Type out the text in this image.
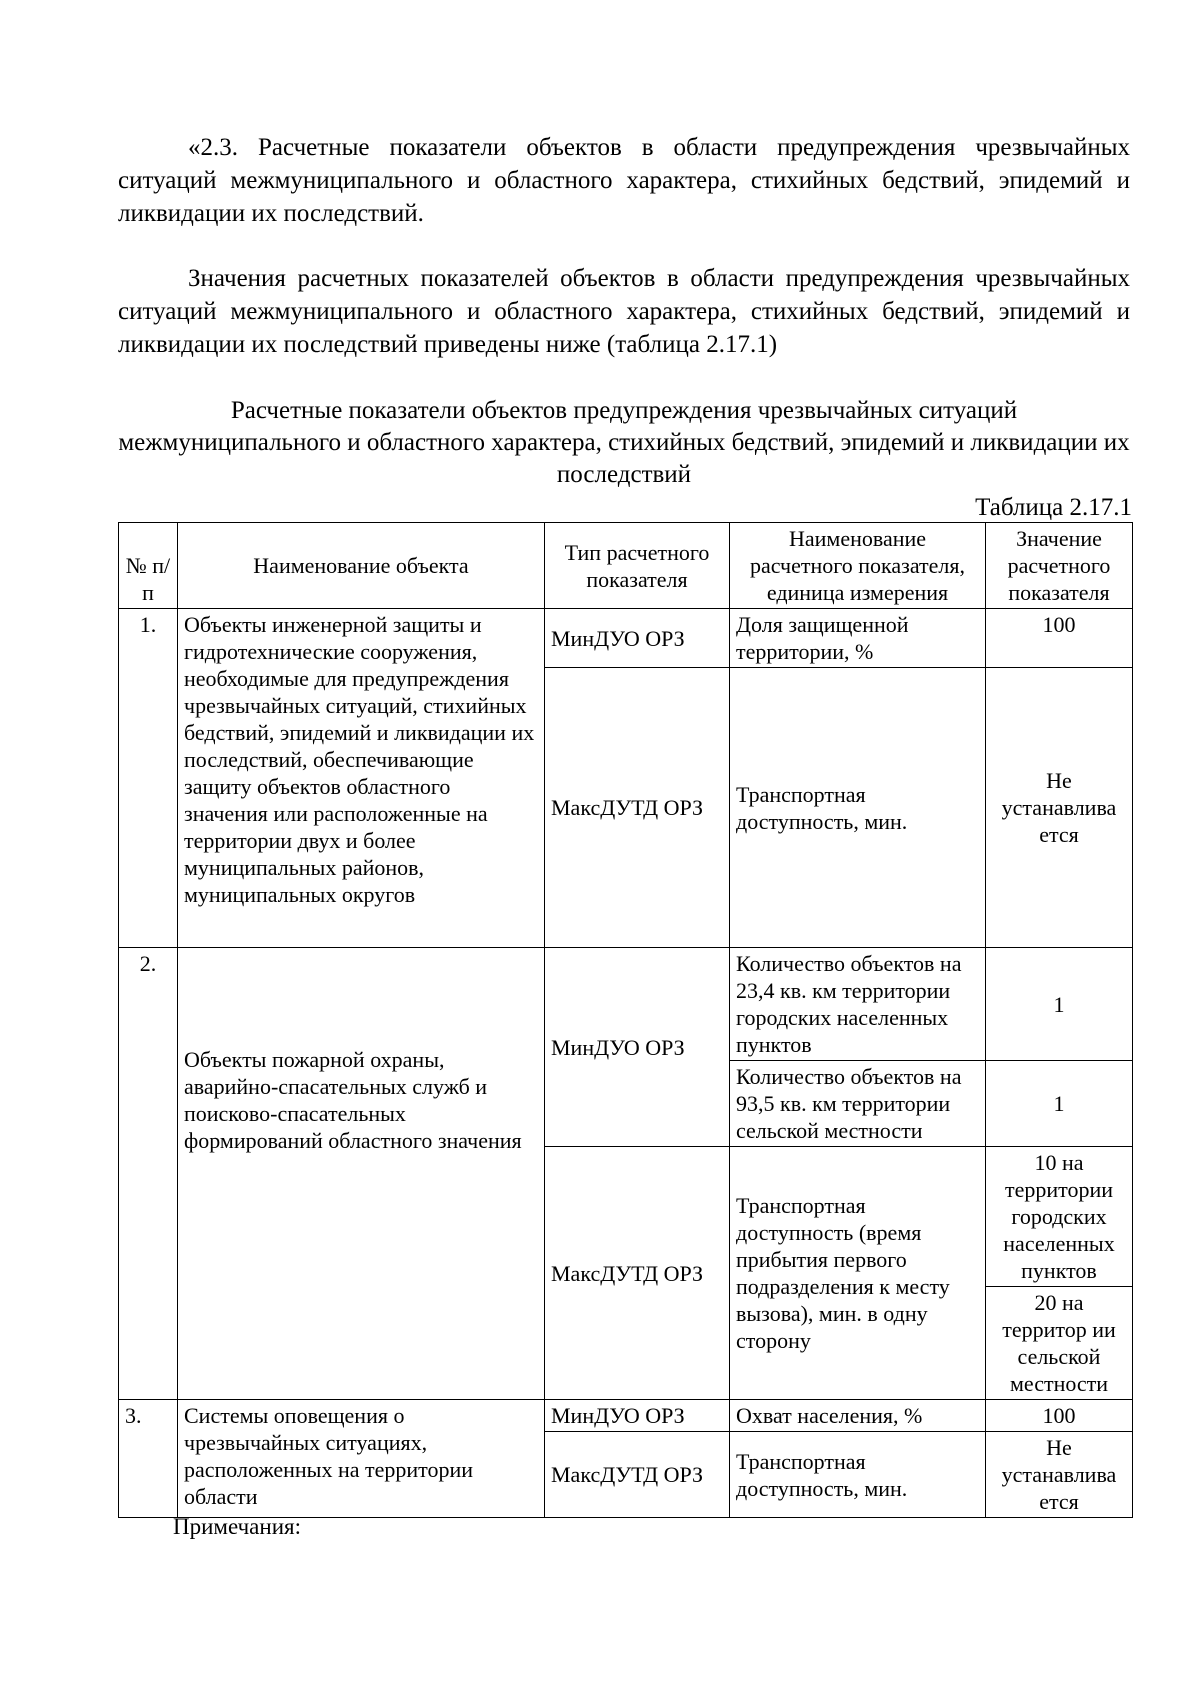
«2.3. Расчетные показатели объектов в области предупреждения чрезвычайных ситуаций межмуниципального и областного характера, стихийных бедствий, эпидемий и ликвидации их последствий.

Значения расчетных показателей объектов в области предупреждения чрезвычайных ситуаций межмуниципального и областного характера, стихийных бедствий, эпидемий и ликвидации их последствий приведены ниже (таблица 2.17.1)

Расчетные показатели объектов предупреждения чрезвычайных ситуаций межмуниципального и областного характера, стихийных бедствий, эпидемий и ликвидации их последствий
Таблица 2.17.1
№ п/п	Наименование объекта	Тип расчетного показателя	Наименование расчетного показателя, единица измерения	Значение расчетного показателя
1.	Объекты инженерной защиты и гидротехнические сооружения, необходимые для предупреждения чрезвычайных ситуаций, стихийных бедствий, эпидемий и ликвидации их последствий, обеспечивающие защиту объектов областного значения или расположенные на территории двух и более муниципальных районов, муниципальных округов	МинДУО ОРЗ	Доля защищенной территории, %	100
		МаксДУТД ОРЗ	Транспортная доступность, мин.	Не устанавлива ется
2.	Объекты пожарной охраны, аварийно-спасательных служб и поисково-спасательных формирований областного значения	МинДУО ОРЗ	Количество объектов на 23,4 кв. км территории городских населенных пунктов	1
			Количество объектов на 93,5 кв. км территории сельской местности	1
		МаксДУТД ОРЗ	Транспортная доступность (время прибытия первого подразделения к месту вызова), мин. в одну сторону	10 на территории городских населенных пунктов
				20 на территор ии сельской местности
3.	Системы оповещения о чрезвычайных ситуациях, расположенных на территории области	МинДУО ОРЗ	Охват населения, %	100
		МаксДУТД ОРЗ	Транспортная доступность, мин.	Не устанавлива ется
Примечания:
